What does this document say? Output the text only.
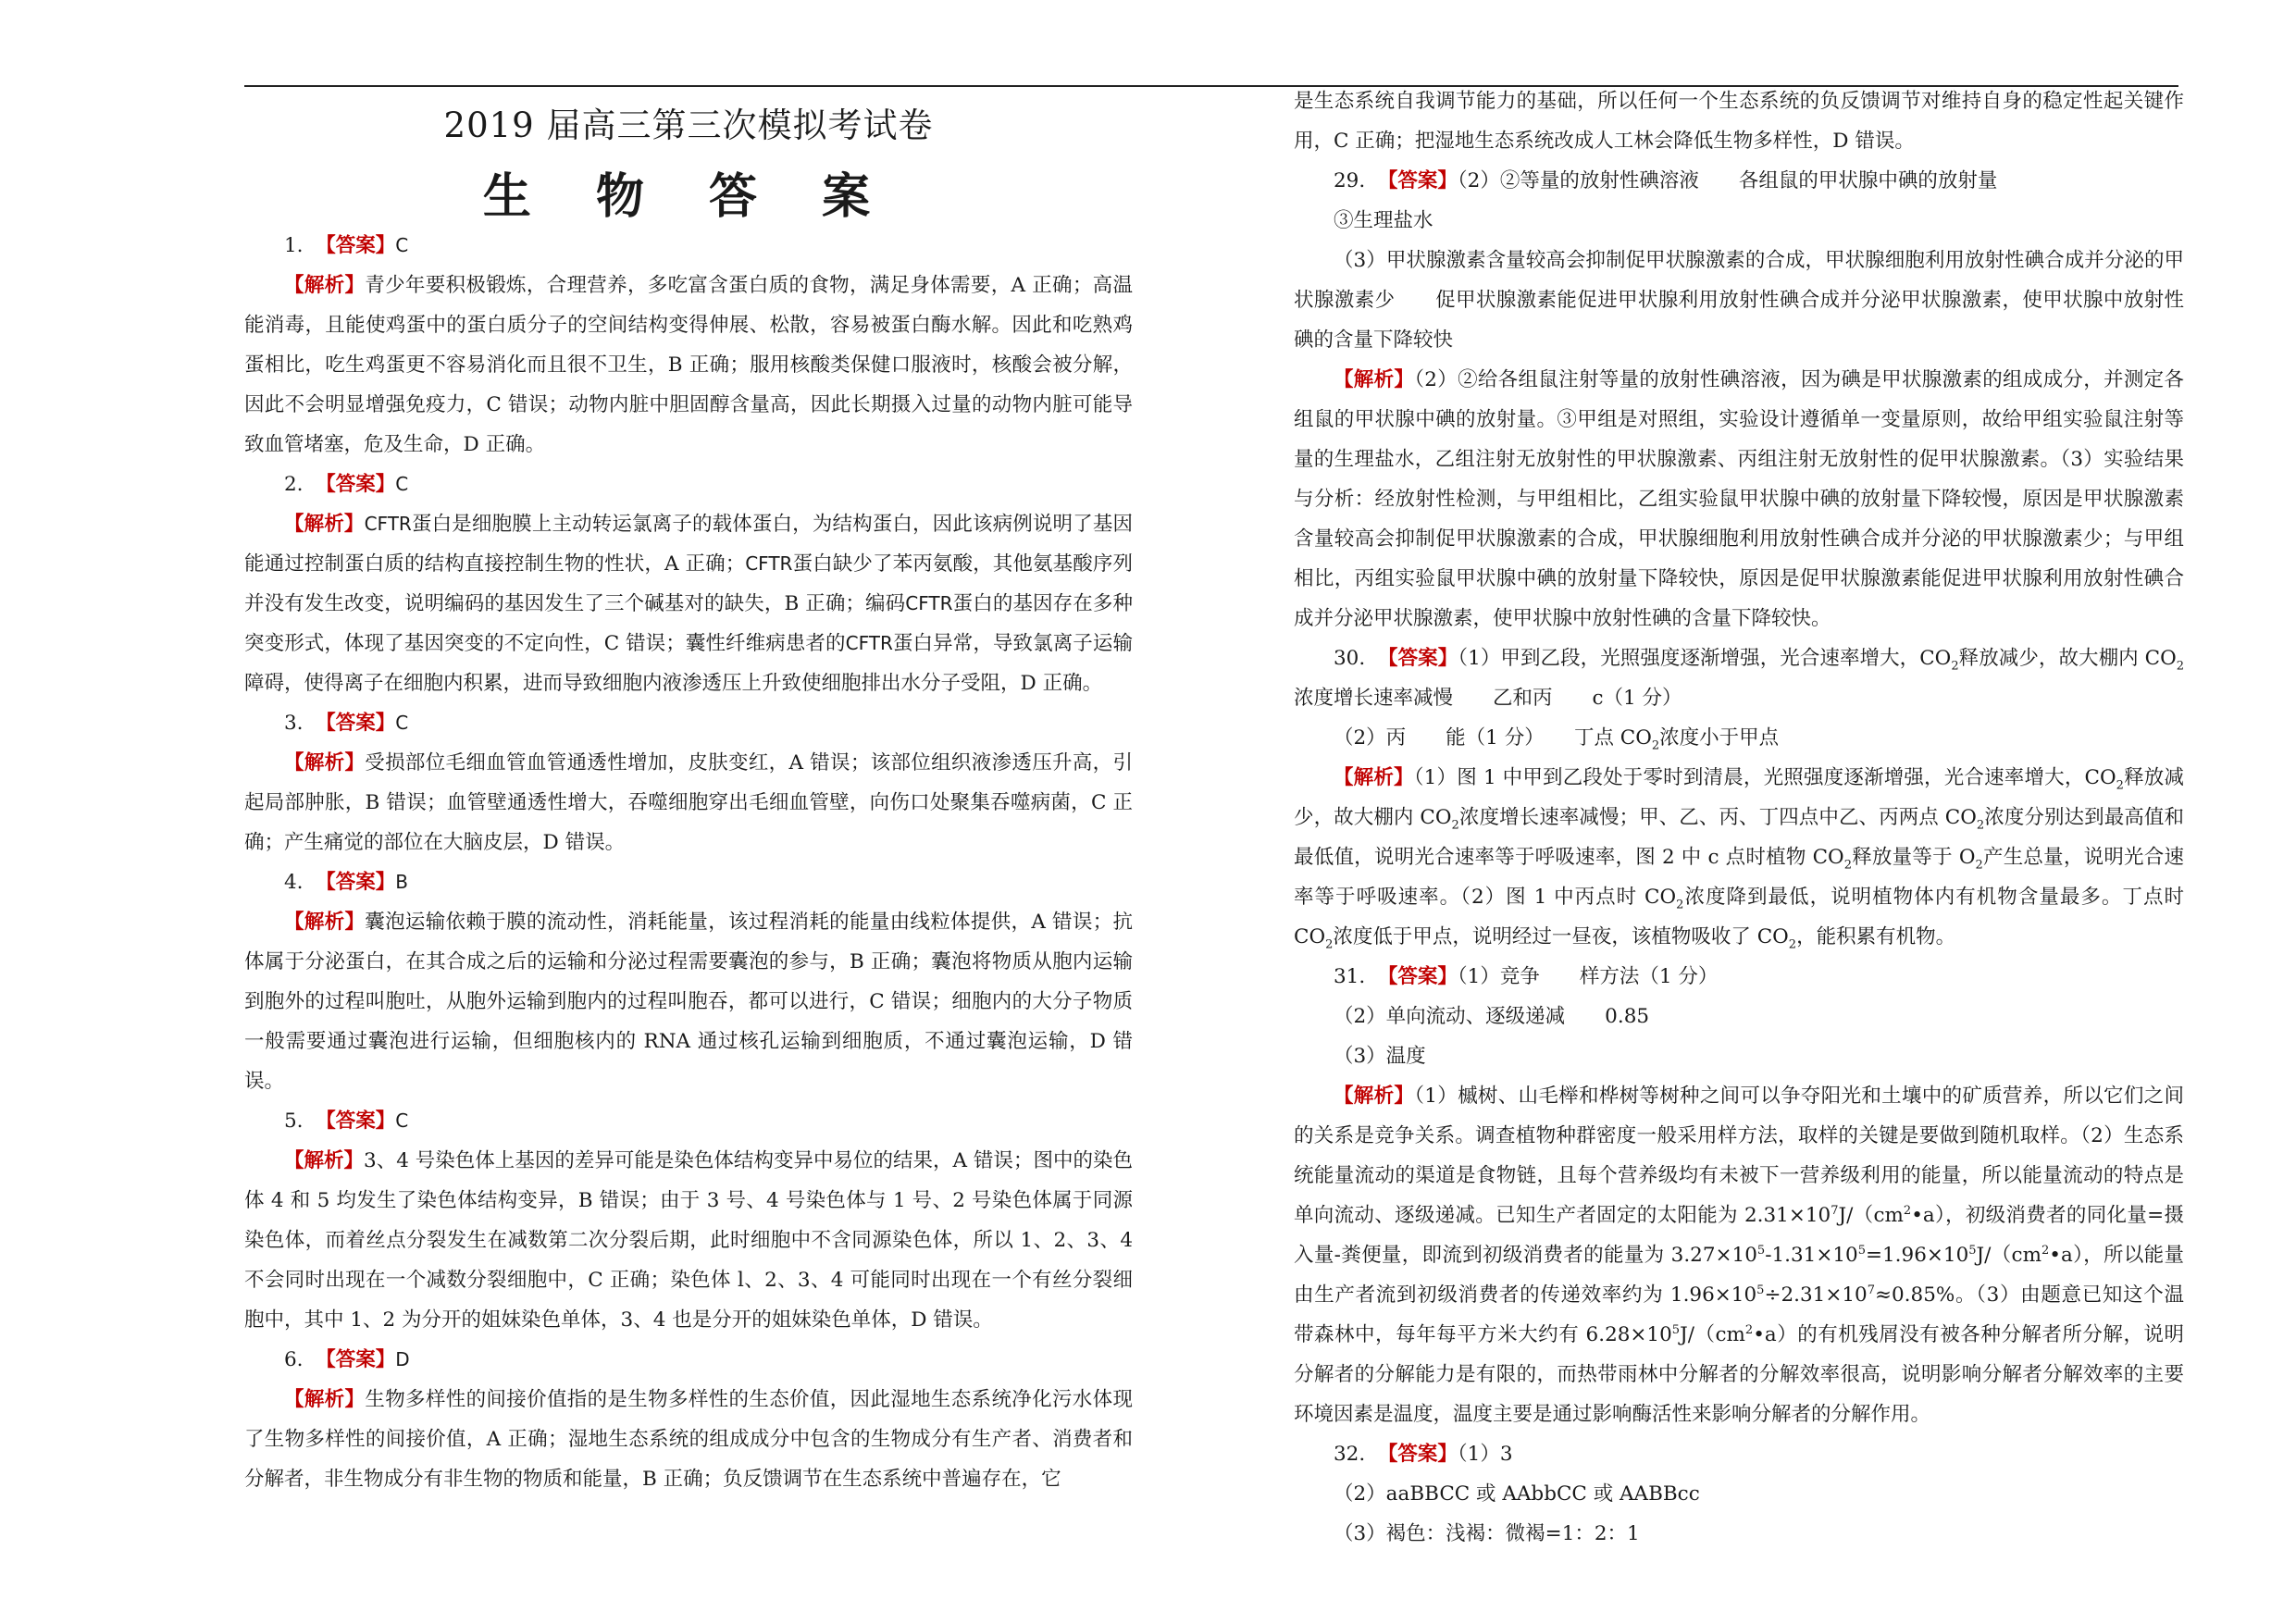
2019 届高三第三次模拟考试卷
生 物 答 案

1. 【答案】C

【解析】青少年要积极锻炼，合理营养，多吃富含蛋白质的食物，满足身体需要，A 正确；高温能消毒，且能使鸡蛋中的蛋白质分子的空间结构变得伸展、松散，容易被蛋白酶水解。因此和吃熟鸡蛋相比，吃生鸡蛋更不容易消化而且很不卫生，B 正确；服用核酸类保健口服液时，核酸会被分解，因此不会明显增强免疫力，C 错误；动物内脏中胆固醇含量高，因此长期摄入过量的动物内脏可能导致血管堵塞，危及生命，D 正确。

2. 【答案】C

【解析】CFTR蛋白是细胞膜上主动转运氯离子的载体蛋白，为结构蛋白，因此该病例说明了基因能通过控制蛋白质的结构直接控制生物的性状，A 正确；CFTR蛋白缺少了苯丙氨酸，其他氨基酸序列并没有发生改变，说明编码的基因发生了三个碱基对的缺失，B 正确；编码CFTR蛋白的基因存在多种突变形式，体现了基因突变的不定向性，C 错误；囊性纤维病患者的CFTR蛋白异常，导致氯离子运输障碍，使得离子在细胞内积累，进而导致细胞内液渗透压上升致使细胞排出水分子受阻，D 正确。

3. 【答案】C

【解析】受损部位毛细血管血管通透性增加，皮肤变红，A 错误；该部位组织液渗透压升高，引起局部肿胀，B 错误；血管壁通透性增大，吞噬细胞穿出毛细血管壁，向伤口处聚集吞噬病菌，C 正确；产生痛觉的部位在大脑皮层，D 错误。

4. 【答案】B

【解析】囊泡运输依赖于膜的流动性，消耗能量，该过程消耗的能量由线粒体提供，A 错误；抗体属于分泌蛋白，在其合成之后的运输和分泌过程需要囊泡的参与，B 正确；囊泡将物质从胞内运输到胞外的过程叫胞吐，从胞外运输到胞内的过程叫胞吞，都可以进行，C 错误；细胞内的大分子物质一般需要通过囊泡进行运输，但细胞核内的 RNA 通过核孔运输到细胞质，不通过囊泡运输，D 错误。

5. 【答案】C

【解析】3、4 号染色体上基因的差异可能是染色体结构变异中易位的结果，A 错误；图中的染色体 4 和 5 均发生了染色体结构变异，B 错误；由于 3 号、4 号染色体与 1 号、2 号染色体属于同源染色体，而着丝点分裂发生在减数第二次分裂后期，此时细胞中不含同源染色体，所以 1、2、3、4 不会同时出现在一个减数分裂细胞中，C 正确；染色体 l、2、3、4 可能同时出现在一个有丝分裂细胞中，其中 1、2 为分开的姐妹染色单体，3、4 也是分开的姐妹染色单体，D 错误。

6. 【答案】D

【解析】生物多样性的间接价值指的是生物多样性的生态价值，因此湿地生态系统净化污水体现了生物多样性的间接价值，A 正确；湿地生态系统的组成成分中包含的生物成分有生产者、消费者和分解者，非生物成分有非生物的物质和能量，B 正确；负反馈调节在生态系统中普遍存在，它

是生态系统自我调节能力的基础，所以任何一个生态系统的负反馈调节对维持自身的稳定性起关键作用，C 正确；把湿地生态系统改成人工林会降低生物多样性，D 错误。

29. 【答案】（2）②等量的放射性碘溶液　　各组鼠的甲状腺中碘的放射量

③生理盐水

（3）甲状腺激素含量较高会抑制促甲状腺激素的合成，甲状腺细胞利用放射性碘合成并分泌的甲状腺激素少　　促甲状腺激素能促进甲状腺利用放射性碘合成并分泌甲状腺激素，使甲状腺中放射性碘的含量下降较快

【解析】（2）②给各组鼠注射等量的放射性碘溶液，因为碘是甲状腺激素的组成成分，并测定各组鼠的甲状腺中碘的放射量。③甲组是对照组，实验设计遵循单一变量原则，故给甲组实验鼠注射等量的生理盐水，乙组注射无放射性的甲状腺激素、丙组注射无放射性的促甲状腺激素。（3）实验结果与分析：经放射性检测，与甲组相比，乙组实验鼠甲状腺中碘的放射量下降较慢，原因是甲状腺激素含量较高会抑制促甲状腺激素的合成，甲状腺细胞利用放射性碘合成并分泌的甲状腺激素少；与甲组相比，丙组实验鼠甲状腺中碘的放射量下降较快，原因是促甲状腺激素能促进甲状腺利用放射性碘合成并分泌甲状腺激素，使甲状腺中放射性碘的含量下降较快。

30. 【答案】（1）甲到乙段，光照强度逐渐增强，光合速率增大，$CO_2$释放减少，故大棚内 $CO_2$浓度增长速率减慢　　乙和丙　　c（1 分）

（2）丙　　能（1 分）　　丁点 $CO_2$浓度小于甲点

【解析】（1）图 1 中甲到乙段处于零时到清晨，光照强度逐渐增强，光合速率增大，$CO_2$释放减少，故大棚内 $CO_2$浓度增长速率减慢；甲、乙、丙、丁四点中乙、丙两点 $CO_2$浓度分别达到最高值和最低值，说明光合速率等于呼吸速率，图 2 中 c 点时植物 $CO_2$释放量等于 $O_2$产生总量，说明光合速率等于呼吸速率。（2）图 1 中丙点时 $CO_2$浓度降到最低，说明植物体内有机物含量最多。丁点时 $CO_2$浓度低于甲点，说明经过一昼夜，该植物吸收了 $CO_2$，能积累有机物。

31. 【答案】（1）竞争　　样方法（1 分）

（2）单向流动、逐级递减　　0.85

（3）温度

【解析】（1）槭树、山毛榉和桦树等树种之间可以争夺阳光和土壤中的矿质营养，所以它们之间的关系是竞争关系。调查植物种群密度一般采用样方法，取样的关键是要做到随机取样。（2）生态系统能量流动的渠道是食物链，且每个营养级均有未被下一营养级利用的能量，所以能量流动的特点是单向流动、逐级递减。已知生产者固定的太阳能为 $2.31\times 10^7J/(cm^2•a)$，初级消费者的同化量=摄入量-粪便量，即流到初级消费者的能量为 $3.27\times 10^5-1.31\times 10^5=1.96\times 10^5J/(cm^2•a)$，所以能量由生产者流到初级消费者的传递效率约为 $1.96\times 10^5\div 2.31\times 10^7\approx 0.85\%$。（3）由题意已知这个温带森林中，每年每平方米大约有 $6.28\times 10^5J/(cm^2•a)$的有机残屑没有被各种分解者所分解，说明分解者的分解能力是有限的，而热带雨林中分解者的分解效率很高，说明影响分解者分解效率的主要环境因素是温度，温度主要是通过影响酶活性来影响分解者的分解作用。

32. 【答案】（1）3

（2）aaBBCC 或 AAbbCC 或 AABBcc

（3）褐色：浅褐：微褐=1：2：1
